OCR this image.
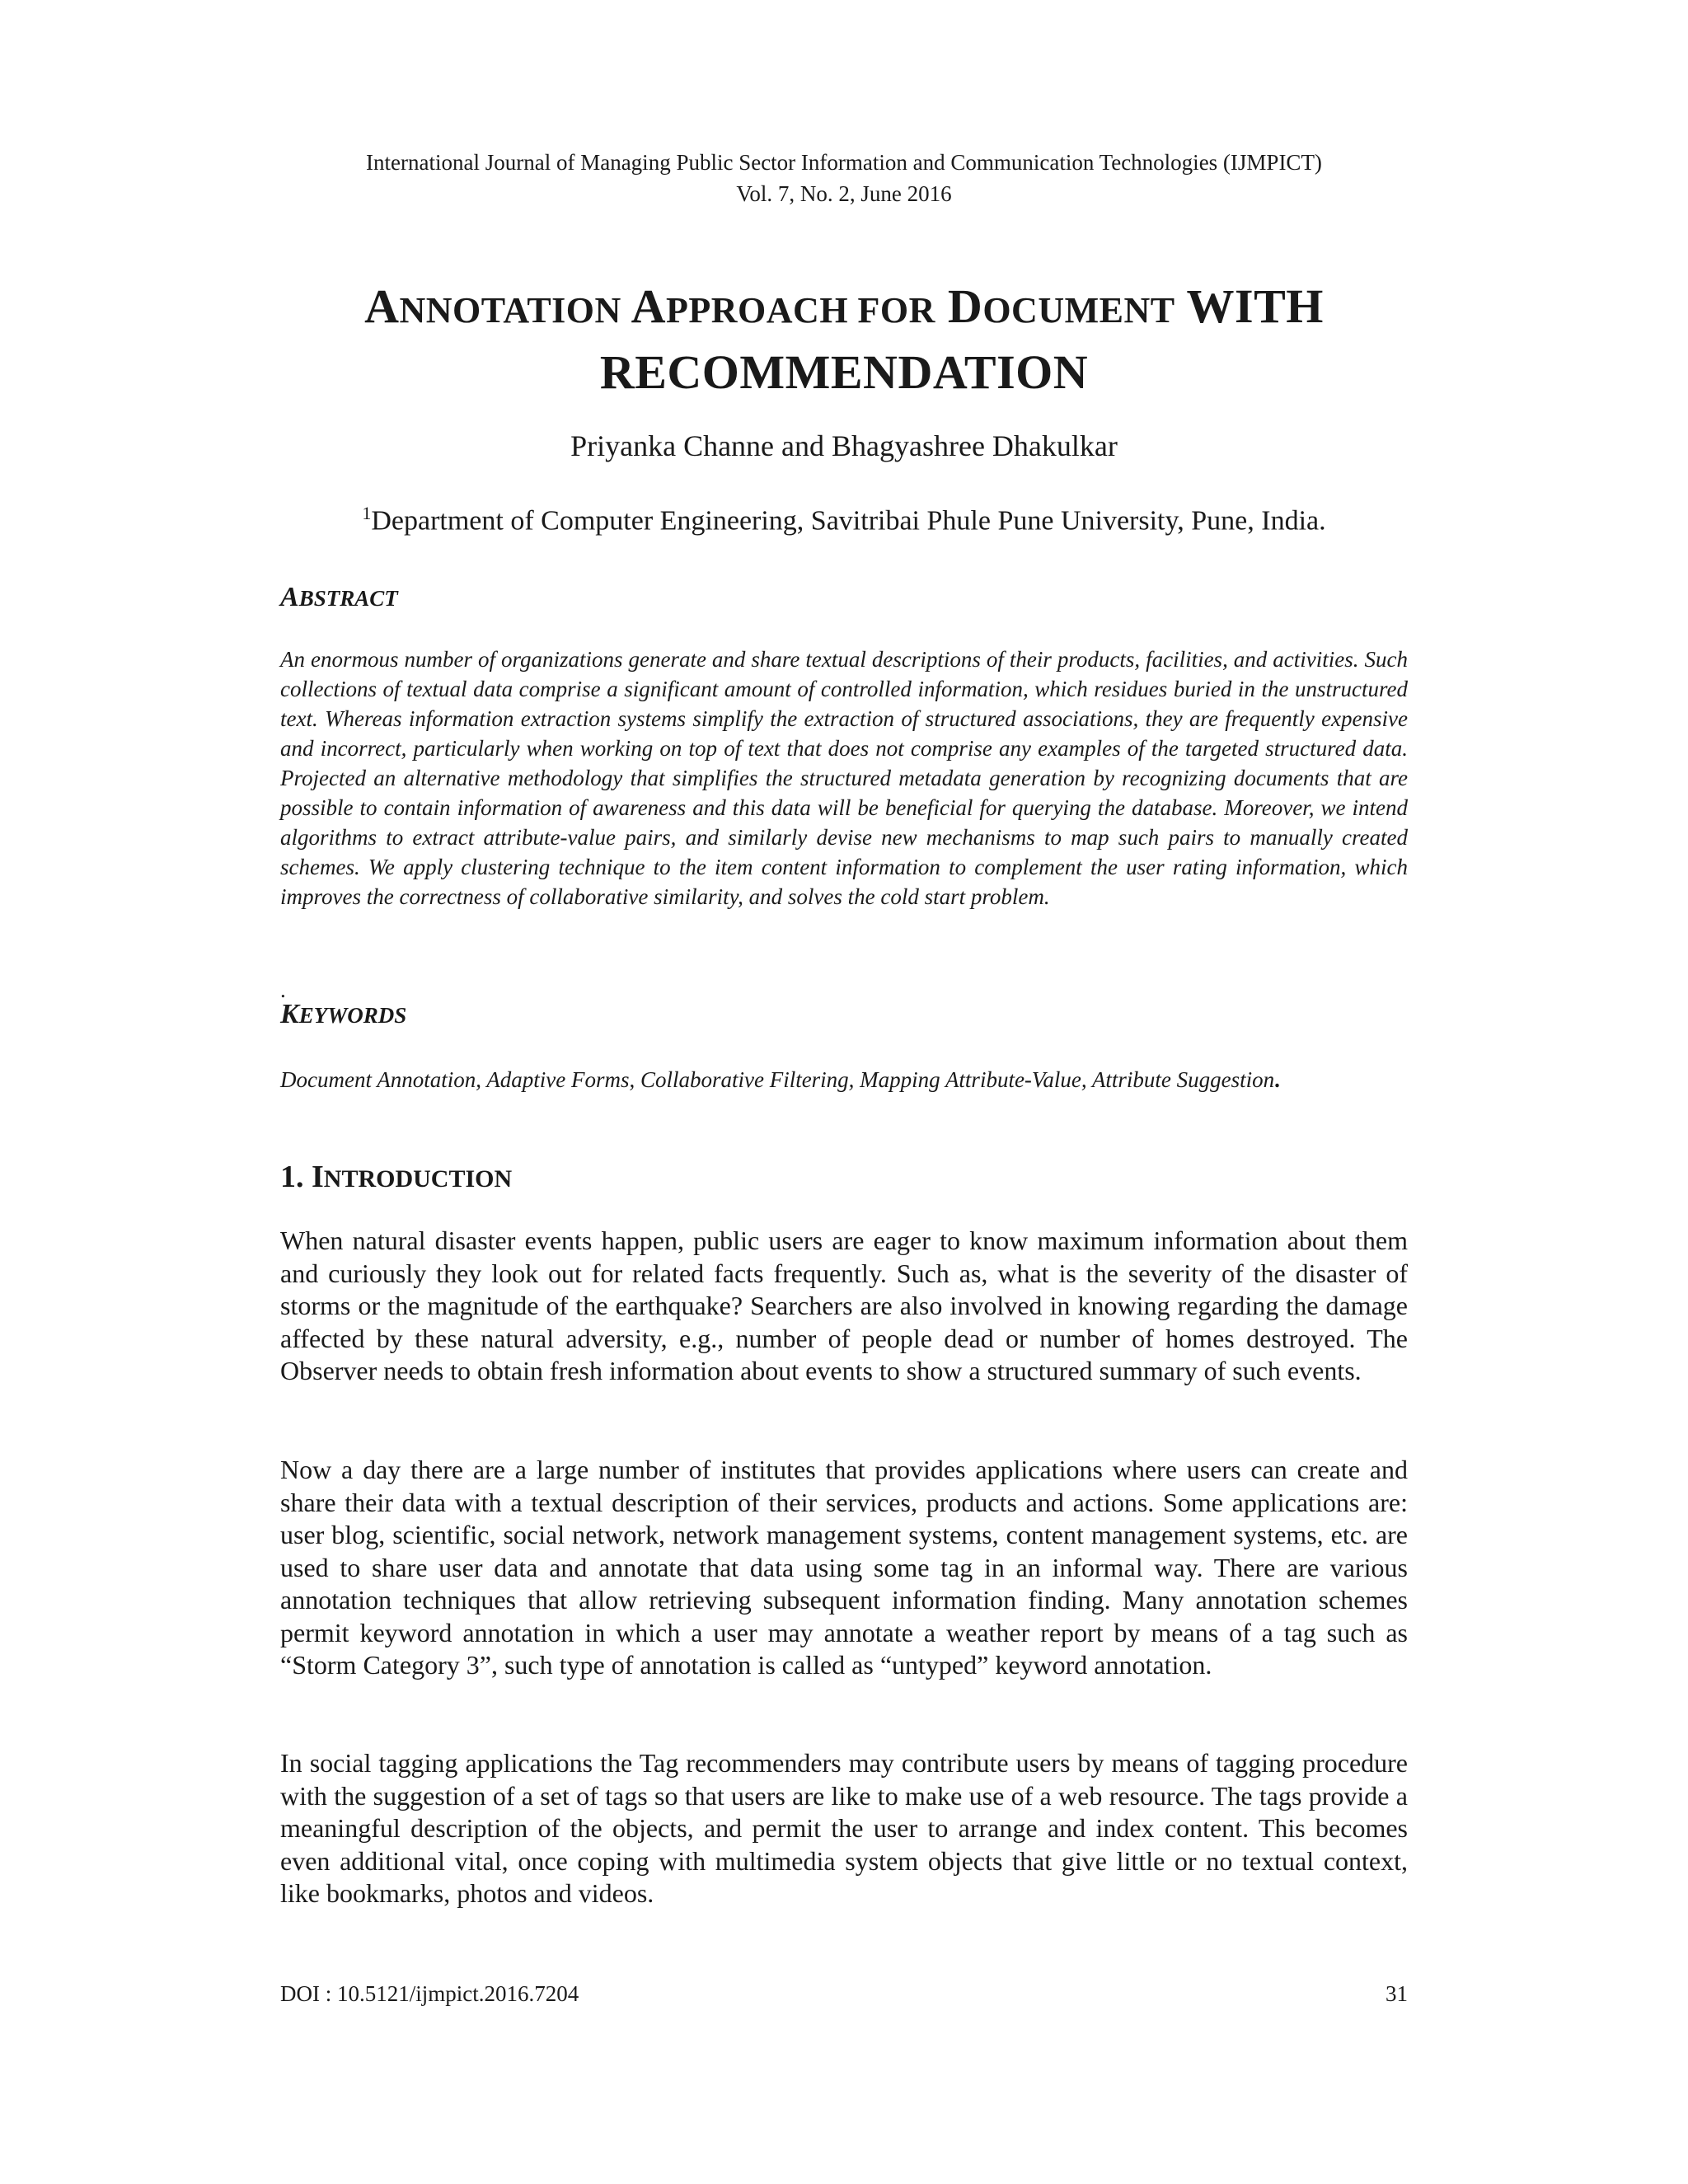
International Journal of Managing Public Sector Information and Communication Technologies (IJMPICT)
Vol. 7, No. 2, June 2016
ANNOTATION APPROACH FOR DOCUMENT WITH
RECOMMENDATION
Priyanka Channe and Bhagyashree Dhakulkar
$^1$Department of Computer Engineering, Savitribai Phule Pune University, Pune, India.
ABSTRACT
An enormous number of organizations generate and share textual descriptions of their products, facilities, and activities. Such collections of textual data comprise a significant amount of controlled information, which residues buried in the unstructured text. Whereas information extraction systems simplify the extraction of structured associations, they are frequently expensive and incorrect, particularly when working on top of text that does not comprise any examples of the targeted structured data. Projected an alternative methodology that simplifies the structured metadata generation by recognizing documents that are possible to contain information of awareness and this data will be beneficial for querying the database. Moreover, we intend algorithms to extract attribute-value pairs, and similarly devise new mechanisms to map such pairs to manually created schemes. We apply clustering technique to the item content information to complement the user rating information, which improves the correctness of collaborative similarity, and solves the cold start problem.
.
KEYWORDS
Document Annotation, Adaptive Forms, Collaborative Filtering, Mapping Attribute-Value, Attribute Suggestion.
1. INTRODUCTION
When natural disaster events happen, public users are eager to know maximum information about them and curiously they look out for related facts frequently. Such as, what is the severity of the disaster of storms or the magnitude of the earthquake? Searchers are also involved in knowing regarding the damage affected by these natural adversity, e.g., number of people dead or number of homes destroyed. The Observer needs to obtain fresh information about events to show a structured summary of such events.
Now a day there are a large number of institutes that provides applications where users can create and share their data with a textual description of their services, products and actions. Some applications are: user blog, scientific, social network, network management systems, content management systems, etc. are used to share user data and annotate that data using some tag in an informal way. There are various annotation techniques that allow retrieving subsequent information finding. Many annotation schemes permit keyword annotation in which a user may annotate a weather report by means of a tag such as “Storm Category 3”, such type of annotation is called as “untyped” keyword annotation.
In social tagging applications the Tag recommenders may contribute users by means of tagging procedure with the suggestion of a set of tags so that users are like to make use of a web resource. The tags provide a meaningful description of the objects, and permit the user to arrange and index content. This becomes even additional vital, once coping with multimedia system objects that give little or no textual context, like bookmarks, photos and videos.
DOI : 10.5121/ijmpict.2016.7204	31
